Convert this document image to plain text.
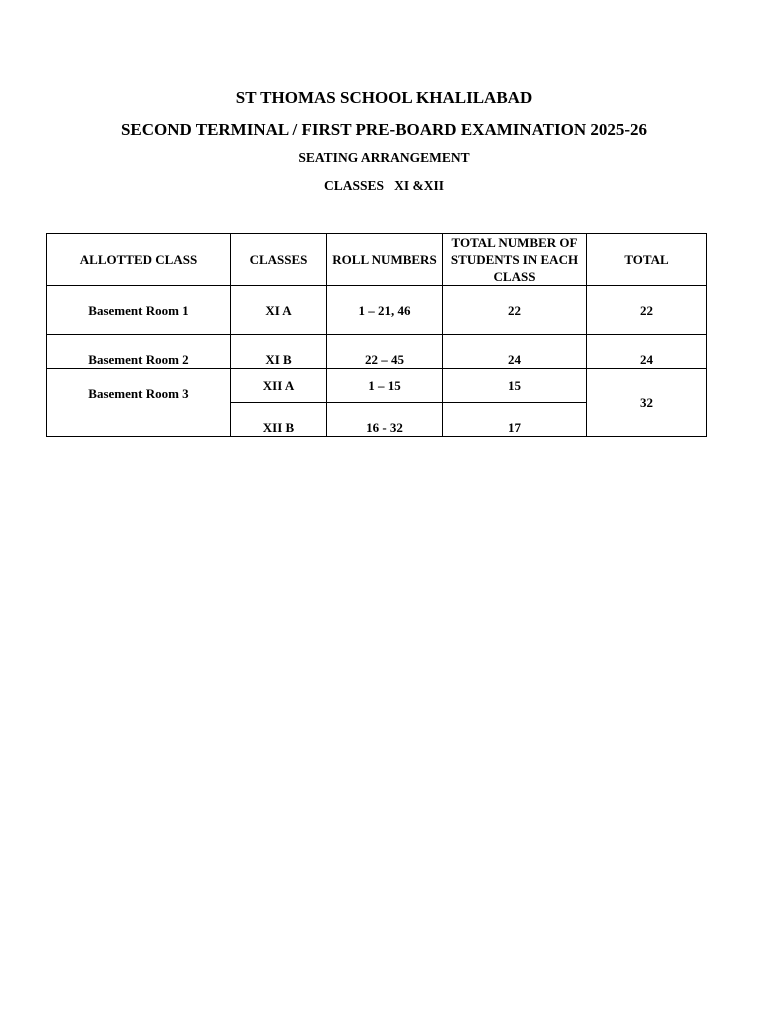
ST THOMAS SCHOOL KHALILABAD
SECOND TERMINAL / FIRST PRE-BOARD EXAMINATION 2025-26
SEATING ARRANGEMENT
CLASSES   XI &XII
ALLOTTED CLASS	CLASSES	ROLL NUMBERS	TOTAL NUMBER OF STUDENTS IN EACH CLASS	TOTAL
Basement Room 1	XI A	1 – 21, 46	22	22
Basement Room 2	XI B	22 – 45	24	24
Basement Room 3	XII A	1 – 15	15	32
	XII B	16 - 32	17	
